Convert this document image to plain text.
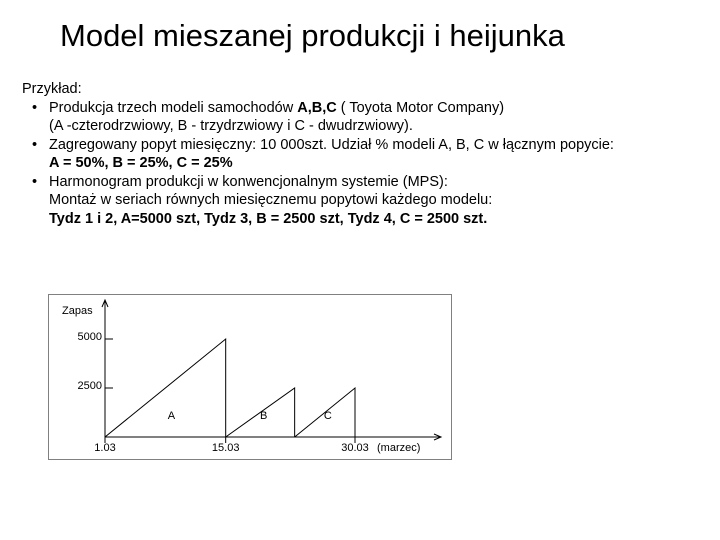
Model mieszanej produkcji i heijunka
Przykład:
• Produkcja trzech modeli samochodów A,B,C ( Toyota Motor Company)
(A -czterodrzwiowy, B - trzydrzwiowy i C - dwudrzwiowy).
• Zagregowany popyt miesięczny: 10 000szt. Udział % modeli A, B, C w łącznym popycie:
A = 50%, B = 25%, C = 25%
• Harmonogram produkcji w konwencjonalnym systemie (MPS):
Montaż w seriach równych miesięcznemu popytowi każdego modelu:
Tydz 1 i 2, A=5000 szt, Tydz 3, B = 2500 szt, Tydz 4, C = 2500 szt.
Zapas
5000
2500
1.03	15.03	30.03 (marzec)
A	B	C
